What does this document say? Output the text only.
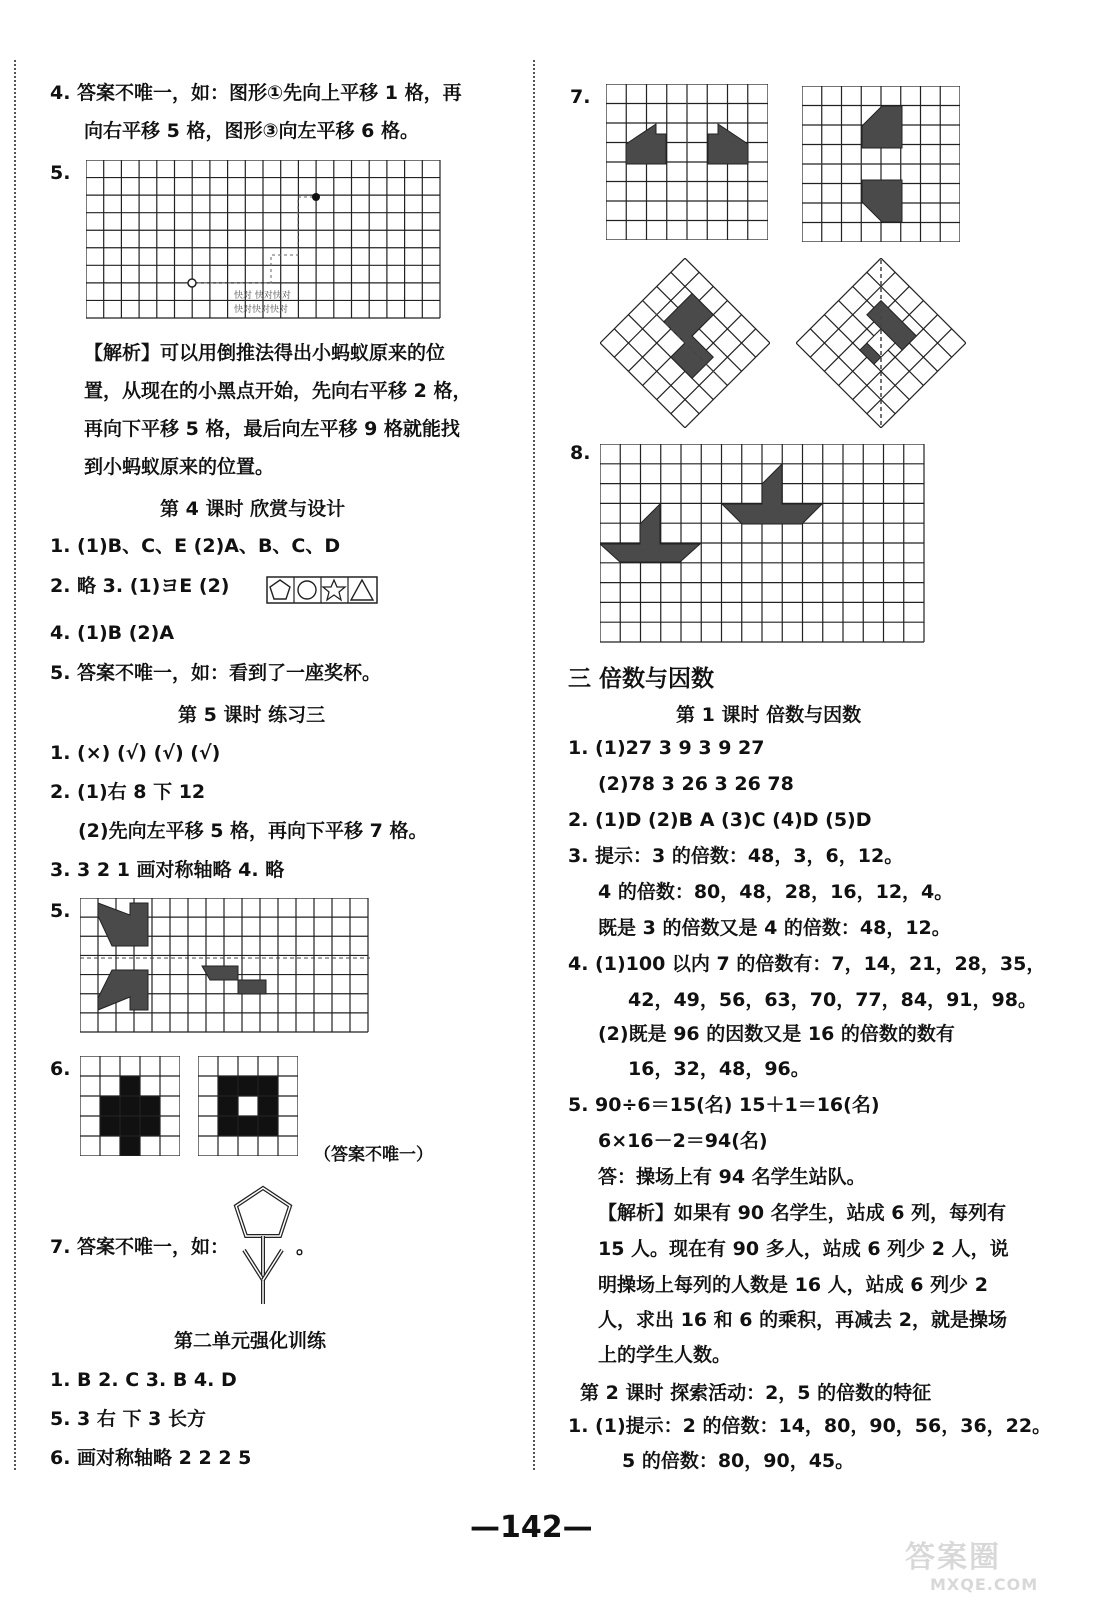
4. 答案不唯一，如：图形①先向上平移 1 格，再
向右平移 5 格，图形③向左平移 6 格。
5.
快对 快对快对
快对快对快对
【解析】可以用倒推法得出小蚂蚁原来的位
置，从现在的小黑点开始，先向右平移 2 格，
再向下平移 5 格，最后向左平移 9 格就能找
到小蚂蚁原来的位置。
第 4 课时 欣赏与设计
1. (1)B、C、E (2)A、B、C、D
2. 略 3. (1)ヨE (2)
4. (1)B (2)A
5. 答案不唯一，如：看到了一座奖杯。
第 5 课时 练习三
1. (×) (√) (√) (√)
2. (1)右 8 下 12
(2)先向左平移 5 格，再向下平移 7 格。
3. 3 2 1 画对称轴略 4. 略
5.
6.
（答案不唯一）
7. 答案不唯一，如：	。
第二单元强化训练
1. B 2. C 3. B 4. D
5. 3 右 下 3 长方
6. 画对称轴略 2 2 2 5
7.
8.
三 倍数与因数
第 1 课时 倍数与因数
1. (1)27 3 9 3 9 27
(2)78 3 26 3 26 78
2. (1)D (2)B A (3)C (4)D (5)D
3. 提示：3 的倍数：48，3，6，12。
4 的倍数：80，48，28，16，12，4。
既是 3 的倍数又是 4 的倍数：48，12。
4. (1)100 以内 7 的倍数有：7，14，21，28，35，
42，49，56，63，70，77，84，91，98。
(2)既是 96 的因数又是 16 的倍数的数有
16，32，48，96。
5. 90÷6＝15(名) 15＋1＝16(名)
6×16－2＝94(名)
答：操场上有 94 名学生站队。
【解析】如果有 90 名学生，站成 6 列，每列有
15 人。现在有 90 多人，站成 6 列少 2 人，说
明操场上每列的人数是 16 人，站成 6 列少 2
人，求出 16 和 6 的乘积，再减去 2，就是操场
上的学生人数。
第 2 课时 探索活动：2，5 的倍数的特征
1. (1)提示：2 的倍数：14，80，90，56，36，22。
5 的倍数：80，90，45。
—142—
答案圈
MXQE.COM
